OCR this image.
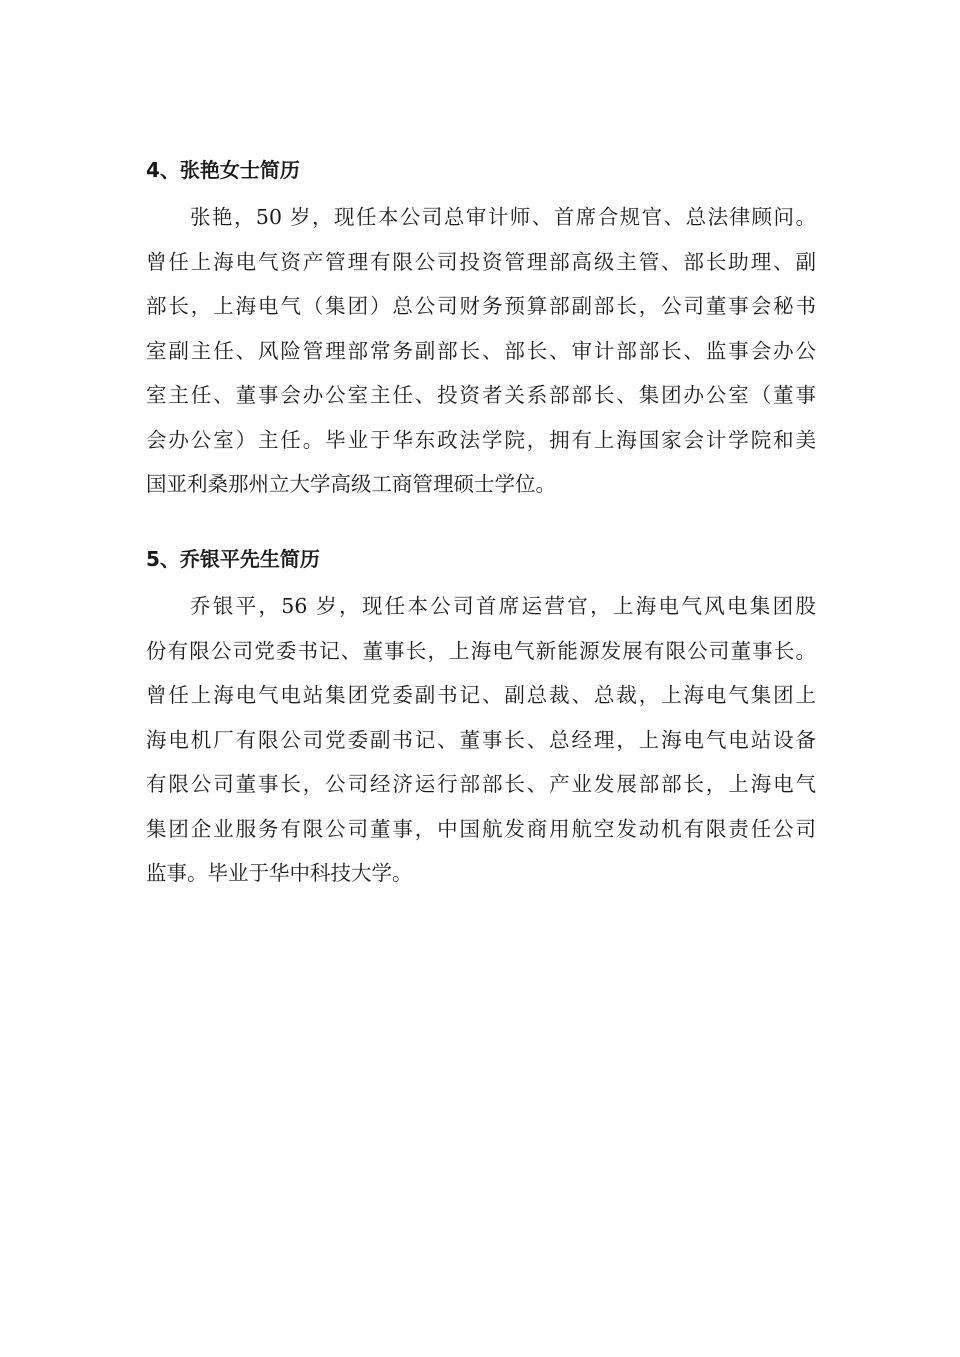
4、张艳女士简历
张艳，50 岁，现任本公司总审计师、首席合规官、总法律顾问。
曾任上海电气资产管理有限公司投资管理部高级主管、部长助理、副
部长，上海电气（集团）总公司财务预算部副部长，公司董事会秘书
室副主任、风险管理部常务副部长、部长、审计部部长、监事会办公
室主任、董事会办公室主任、投资者关系部部长、集团办公室（董事
会办公室）主任。毕业于华东政法学院，拥有上海国家会计学院和美
国亚利桑那州立大学高级工商管理硕士学位。
5、乔银平先生简历
乔银平，56 岁，现任本公司首席运营官，上海电气风电集团股
份有限公司党委书记、董事长，上海电气新能源发展有限公司董事长。
曾任上海电气电站集团党委副书记、副总裁、总裁，上海电气集团上
海电机厂有限公司党委副书记、董事长、总经理，上海电气电站设备
有限公司董事长，公司经济运行部部长、产业发展部部长，上海电气
集团企业服务有限公司董事，中国航发商用航空发动机有限责任公司
监事。毕业于华中科技大学。
